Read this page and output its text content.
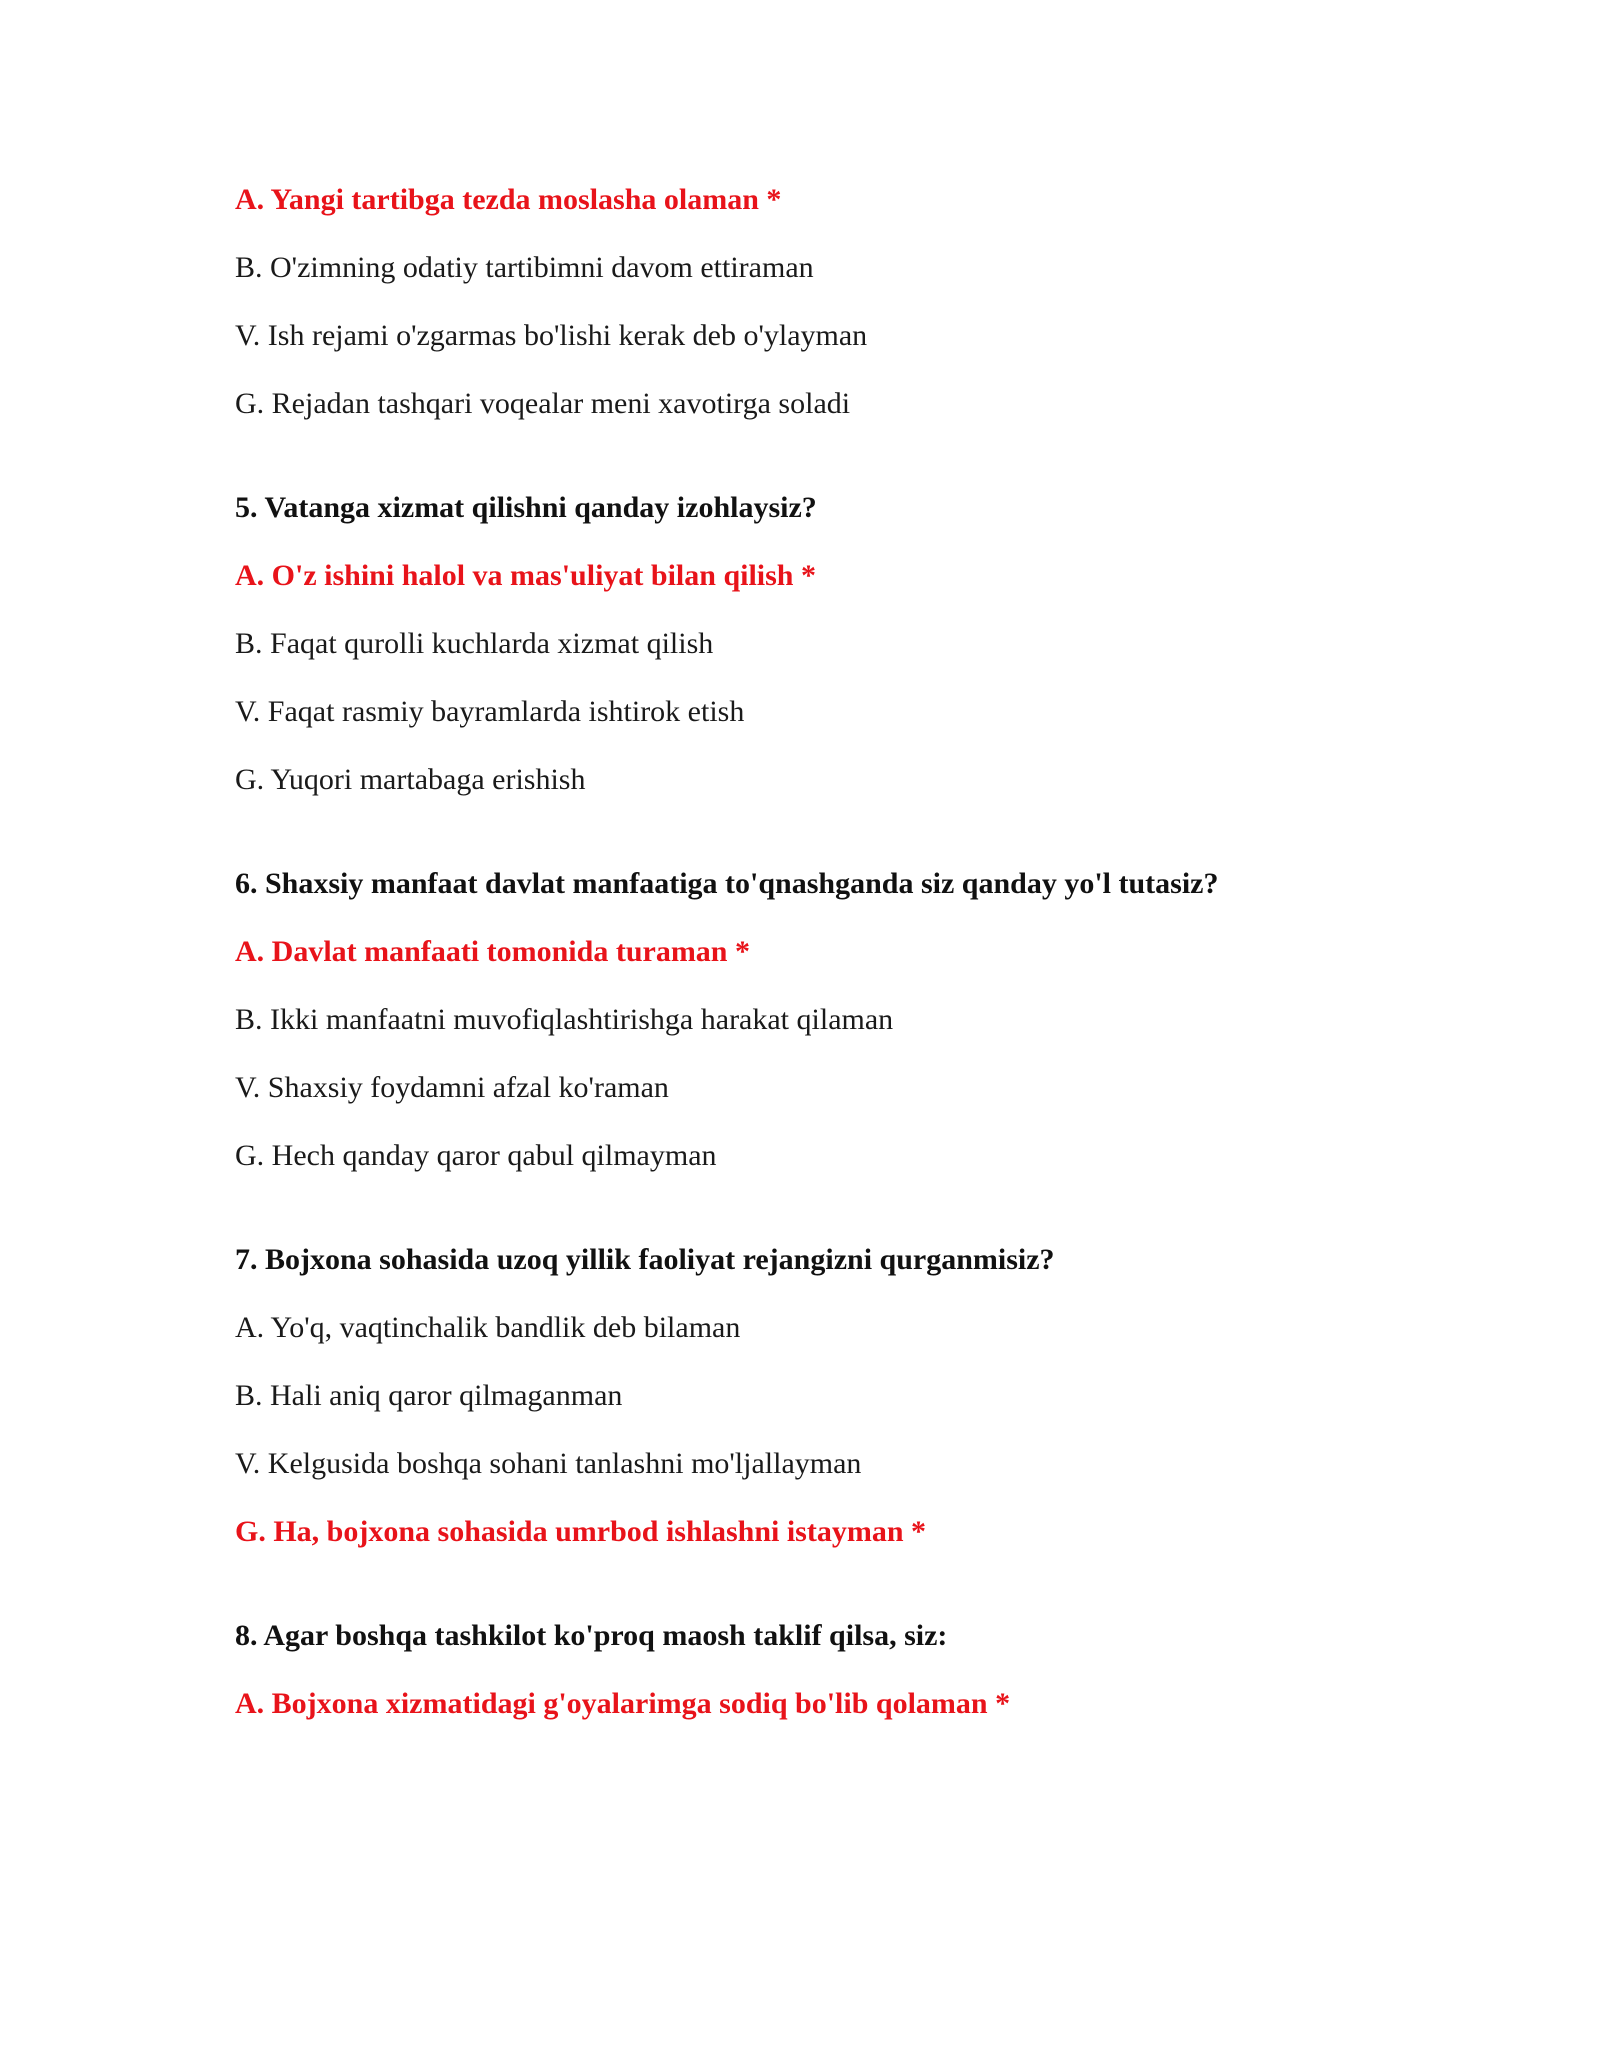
A. Yangi tartibga tezda moslasha olaman *
B. O'zimning odatiy tartibimni davom ettiraman
V. Ish rejami o'zgarmas bo'lishi kerak deb o'ylayman
G. Rejadan tashqari voqealar meni xavotirga soladi
5. Vatanga xizmat qilishni qanday izohlaysiz?
A. O'z ishini halol va mas'uliyat bilan qilish *
B. Faqat qurolli kuchlarda xizmat qilish
V. Faqat rasmiy bayramlarda ishtirok etish
G. Yuqori martabaga erishish
6. Shaxsiy manfaat davlat manfaatiga to'qnashganda siz qanday yo'l tutasiz?
A. Davlat manfaati tomonida turaman *
B. Ikki manfaatni muvofiqlashtirishga harakat qilaman
V. Shaxsiy foydamni afzal ko'raman
G. Hech qanday qaror qabul qilmayman
7. Bojxona sohasida uzoq yillik faoliyat rejangizni qurganmisiz?
A. Yo'q, vaqtinchalik bandlik deb bilaman
B. Hali aniq qaror qilmaganman
V. Kelgusida boshqa sohani tanlashni mo'ljallayman
G. Ha, bojxona sohasida umrbod ishlashni istayman *
8. Agar boshqa tashkilot ko'proq maosh taklif qilsa, siz:
A. Bojxona xizmatidagi g'oyalarimga sodiq bo'lib qolaman *
